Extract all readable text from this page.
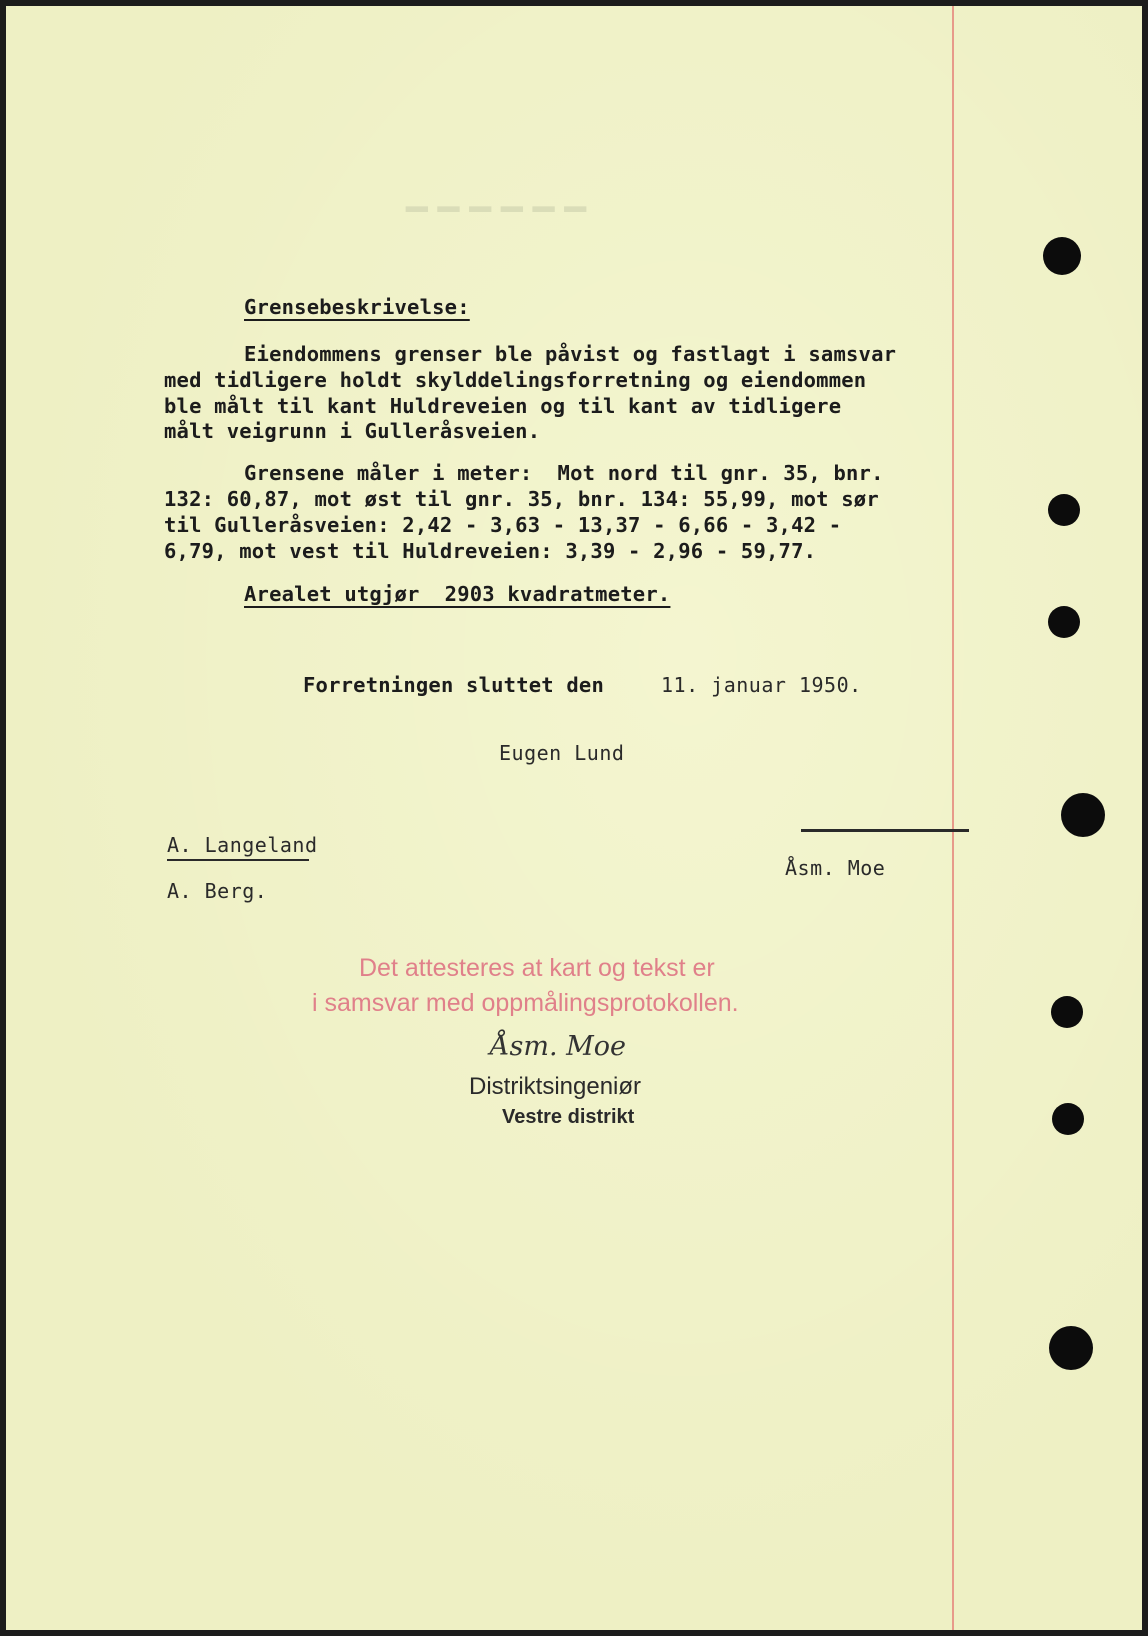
▁▁▁▁▁▁
Grensebeskrivelse:
Eiendommens grenser ble påvist og fastlagt i samsvar
med tidligere holdt skylddelingsforretning og eiendommen
ble målt til kant Huldreveien og til kant av tidligere
målt veigrunn i Gulleråsveien.
Grensene måler i meter:  Mot nord til gnr. 35, bnr.
132: 60,87, mot øst til gnr. 35, bnr. 134: 55,99, mot sør
til Gulleråsveien: 2,42 - 3,63 - 13,37 - 6,66 - 3,42 -
6,79, mot vest til Huldreveien: 3,39 - 2,96 - 59,77.
Arealet utgjør  2903 kvadratmeter.
Forretningen sluttet den	11. januar 1950.
Eugen Lund
A. Langeland
A. Berg.
Åsm. Moe
Det attesteres at kart og tekst er
i samsvar med oppmålingsprotokollen.
Åsm. Moe
Distriktsingeniør
Vestre distrikt
